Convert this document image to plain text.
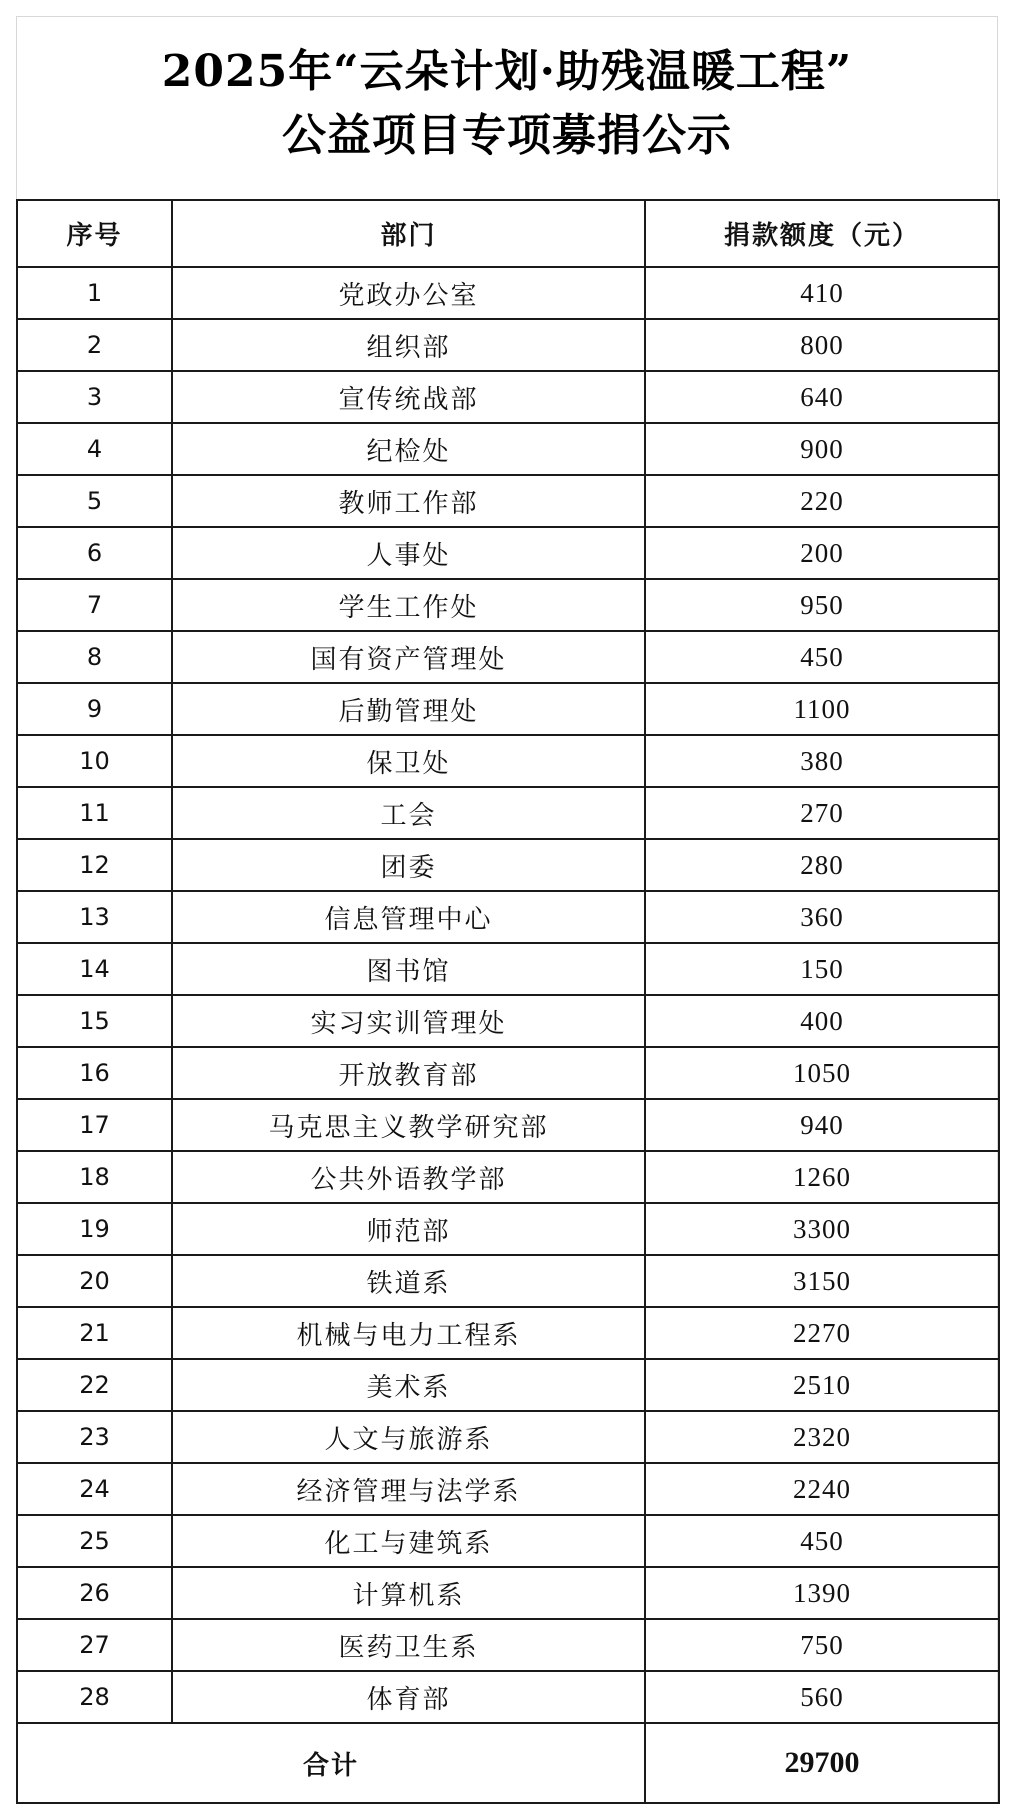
2025年“云朵计划·助残温暖工程”
公益项目专项募捐公示
序号	部门	捐款额度（元）
1	党政办公室	410
2	组织部	800
3	宣传统战部	640
4	纪检处	900
5	教师工作部	220
6	人事处	200
7	学生工作处	950
8	国有资产管理处	450
9	后勤管理处	1100
10	保卫处	380
11	工会	270
12	团委	280
13	信息管理中心	360
14	图书馆	150
15	实习实训管理处	400
16	开放教育部	1050
17	马克思主义教学研究部	940
18	公共外语教学部	1260
19	师范部	3300
20	铁道系	3150
21	机械与电力工程系	2270
22	美术系	2510
23	人文与旅游系	2320
24	经济管理与法学系	2240
25	化工与建筑系	450
26	计算机系	1390
27	医药卫生系	750
28	体育部	560
合计		29700
